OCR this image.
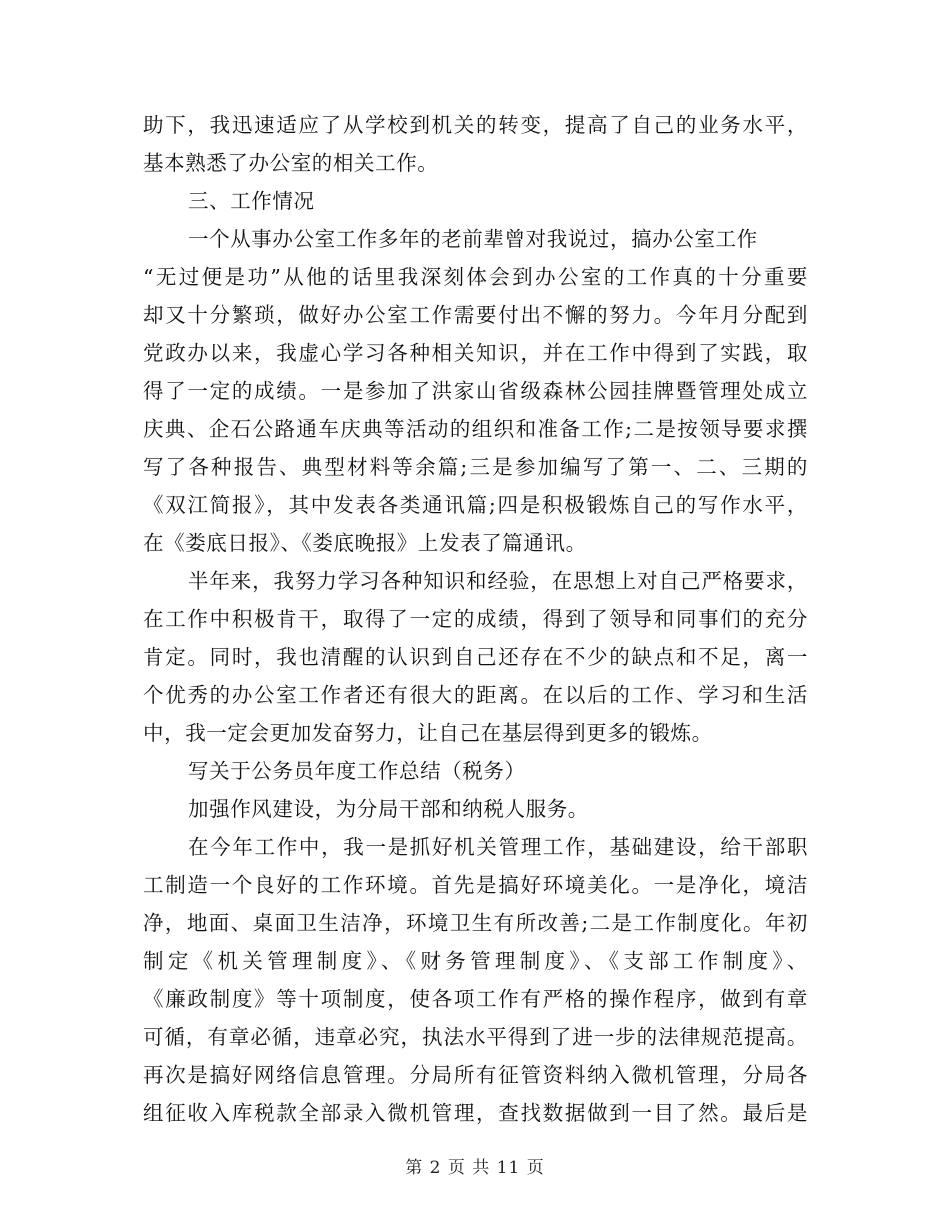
助下，我迅速适应了从学校到机关的转变，提高了自己的业务水平，
基本熟悉了办公室的相关工作。
三、工作情况
一个从事办公室工作多年的老前辈曾对我说过，搞办公室工作
“无过便是功”从他的话里我深刻体会到办公室的工作真的十分重要
却又十分繁琐，做好办公室工作需要付出不懈的努力。今年月分配到
党政办以来，我虚心学习各种相关知识，并在工作中得到了实践，取
得了一定的成绩。一是参加了洪家山省级森林公园挂牌暨管理处成立
庆典、企石公路通车庆典等活动的组织和准备工作;二是按领导要求撰
写了各种报告、典型材料等余篇;三是参加编写了第一、二、三期的
《双江简报》，其中发表各类通讯篇;四是积极锻炼自己的写作水平，
在《娄底日报》、《娄底晚报》上发表了篇通讯。
半年来，我努力学习各种知识和经验，在思想上对自己严格要求，
在工作中积极肯干，取得了一定的成绩，得到了领导和同事们的充分
肯定。同时，我也清醒的认识到自己还存在不少的缺点和不足，离一
个优秀的办公室工作者还有很大的距离。在以后的工作、学习和生活
中，我一定会更加发奋努力，让自己在基层得到更多的锻炼。
写关于公务员年度工作总结（税务）
加强作风建设，为分局干部和纳税人服务。
在今年工作中，我一是抓好机关管理工作，基础建设，给干部职
工制造一个良好的工作环境。首先是搞好环境美化。一是净化，境洁
净，地面、桌面卫生洁净，环境卫生有所改善;二是工作制度化。年初
制定《机关管理制度》、《财务管理制度》、《支部工作制度》、
《廉政制度》等十项制度，使各项工作有严格的操作程序，做到有章
可循，有章必循，违章必究，执法水平得到了进一步的法律规范提高。
再次是搞好网络信息管理。分局所有征管资料纳入微机管理，分局各
组征收入库税款全部录入微机管理，查找数据做到一目了然。最后是
第 2 页 共 11 页
